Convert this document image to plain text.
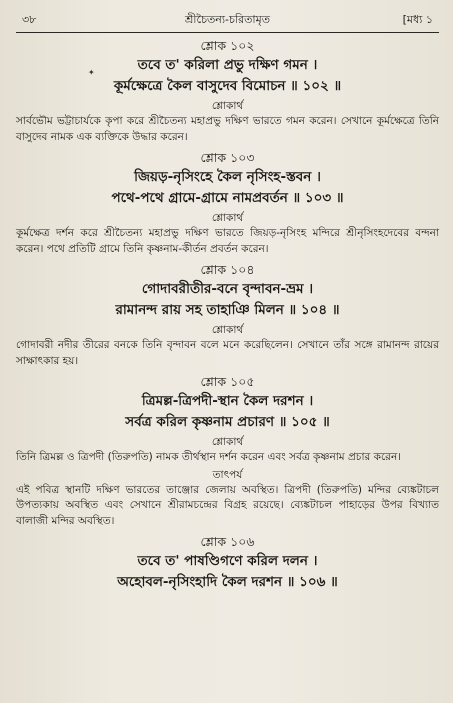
৩৮	শ্রীচৈতন্য-চরিতামৃত	[মধ্য ১
✦
শ্লোক ১০২
তবে ত' করিলা প্রভু দক্ষিণ গমন ।
কূর্মক্ষেত্রে কৈল বাসুদেব বিমোচন ॥ ১০২ ॥
শ্লোকার্থ

সার্বভৌম ভট্টাচার্যকে কৃপা করে শ্রীচৈতন্য মহাপ্রভু দক্ষিণ ভারতে গমন করেন। সেখানে কূর্মক্ষেত্রে তিনি বাসুদেব নামক এক ব্যক্তিকে উদ্ধার করেন।

শ্লোক ১০৩
জিয়ড়-নৃসিংহে কৈল নৃসিংহ-স্তবন ।
পথে-পথে গ্রামে-গ্রামে নামপ্রবর্তন ॥ ১০৩ ॥
শ্লোকার্থ

কূর্মক্ষেত্র দর্শন করে শ্রীচৈতন্য মহাপ্রভু দক্ষিণ ভারতে জিয়ড়-নৃসিংহ মন্দিরে শ্রীনৃসিংহদেবের বন্দনা করেন। পথে প্রতিটি গ্রামে তিনি কৃষ্ণনাম-কীর্তন প্রবর্তন করেন।

শ্লোক ১০৪
গোদাবরীতীর-বনে বৃন্দাবন-ভ্রম ।
রামানন্দ রায় সহ তাহাঞি মিলন ॥ ১০৪ ॥
শ্লোকার্থ

গোদাবরী নদীর তীরের বনকে তিনি বৃন্দাবন বলে মনে করেছিলেন। সেখানে তাঁর সঙ্গে রামানন্দ রায়ের সাক্ষাৎকার হয়।

শ্লোক ১০৫
ত্রিমল্ল-ত্রিপদী-স্থান কৈল দরশন ।
সর্বত্র করিল কৃষ্ণনাম প্রচারণ ॥ ১০৫ ॥
শ্লোকার্থ

তিনি ত্রিমল্ল ও ত্রিপদী (তিরুপতি) নামক তীর্থস্থান দর্শন করেন এবং সর্বত্র কৃষ্ণনাম প্রচার করেন।

তাৎপর্য

এই পবিত্র স্থানটি দক্ষিণ ভারতের তাঞ্জোর জেলায় অবস্থিত। ত্রিপদী (তিরুপতি) মন্দির ব্যেঙ্কটাচল উপত্যকায় অবস্থিত এবং সেখানে শ্রীরামচন্দ্রের বিগ্রহ রয়েছে। ব্যেঙ্কটাচল পাহাড়ের উপর বিখ্যাত বালাজী মন্দির অবস্থিত।

শ্লোক ১০৬
তবে ত' পাষণ্ডিগণে করিল দলন ।
অহোবল-নৃসিংহাদি কৈল দরশন ॥ ১০৬ ॥
